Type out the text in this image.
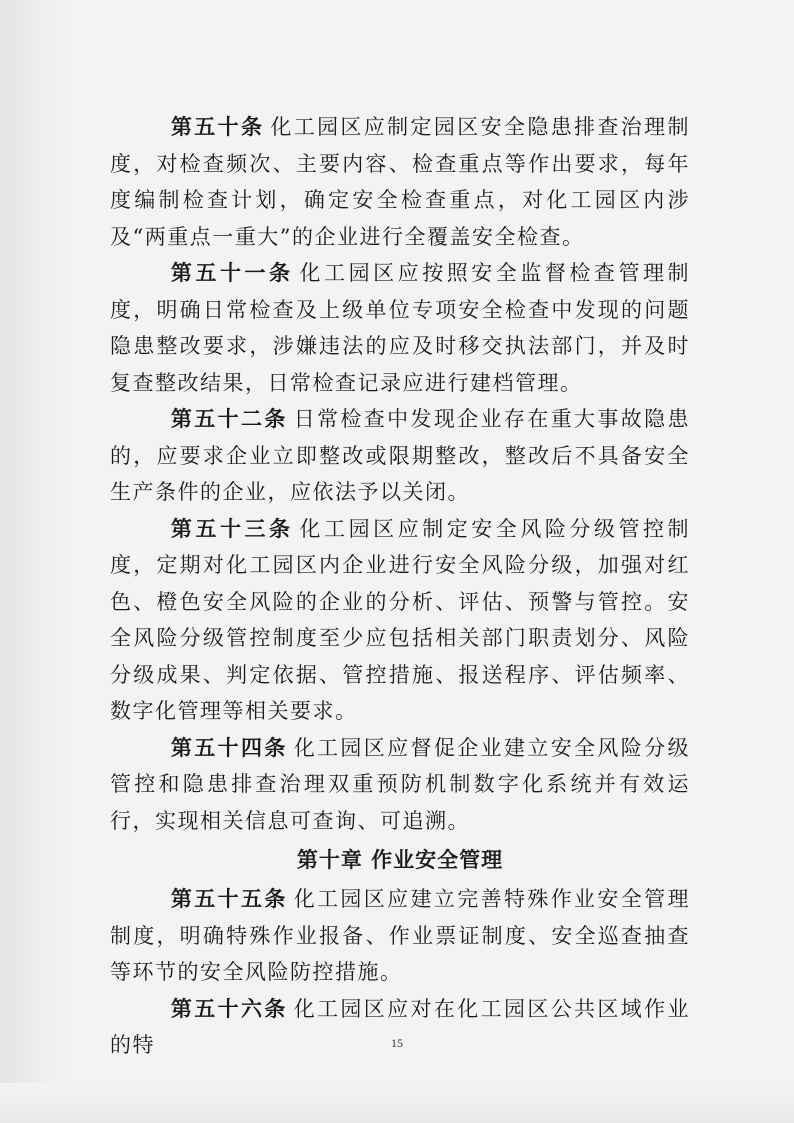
第五十条 化工园区应制定园区安全隐患排查治理制度，对检查频次、主要内容、检查重点等作出要求，每年度编制检查计划，确定安全检查重点，对化工园区内涉及“两重点一重大”的企业进行全覆盖安全检查。

第五十一条 化工园区应按照安全监督检查管理制度，明确日常检查及上级单位专项安全检查中发现的问题隐患整改要求，涉嫌违法的应及时移交执法部门，并及时复查整改结果，日常检查记录应进行建档管理。

第五十二条 日常检查中发现企业存在重大事故隐患的，应要求企业立即整改或限期整改，整改后不具备安全生产条件的企业，应依法予以关闭。

第五十三条 化工园区应制定安全风险分级管控制度，定期对化工园区内企业进行安全风险分级，加强对红色、橙色安全风险的企业的分析、评估、预警与管控。安全风险分级管控制度至少应包括相关部门职责划分、风险分级成果、判定依据、管控措施、报送程序、评估频率、数字化管理等相关要求。

第五十四条 化工园区应督促企业建立安全风险分级管控和隐患排查治理双重预防机制数字化系统并有效运行，实现相关信息可查询、可追溯。

第十章 作业安全管理

第五十五条 化工园区应建立完善特殊作业安全管理制度，明确特殊作业报备、作业票证制度、安全巡查抽查等环节的安全风险防控措施。

第五十六条 化工园区应对在化工园区公共区域作业的特	15
